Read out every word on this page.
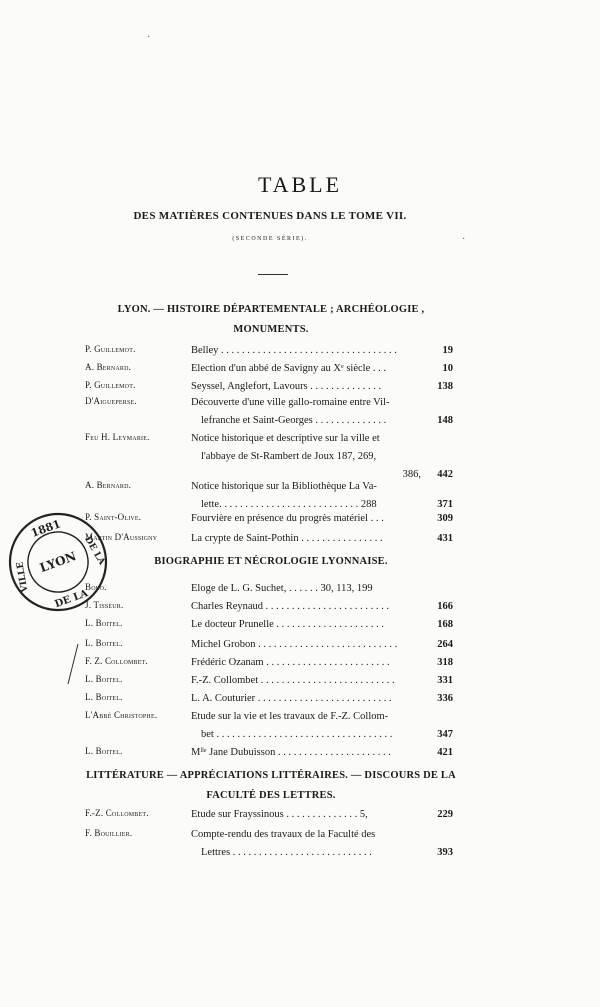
·
·
TABLE
DES MATIÈRES CONTENUES DANS LE TOME VII.
(SECONDE SÉRIE).
LYON. — HISTOIRE DÉPARTEMENTALE ; ARCHÉOLOGIE ,
MONUMENTS.
P. Guillemot.	Belley . . . . . . . . . . . . . . . . . . . . . . . . . . . . . . . . . .	19
A. Bernard.	Election d'un abbé de Savigny au Xᵉ siècle . . .	10
P. Guillemot.	Seyssel, Anglefort, Lavours . . . . . . . . . . . . . .	138
D'Aigueperse.	Découverte d'une ville gallo-romaine entre Vil-
lefranche et Saint-Georges . . . . . . . . . . . . . .	148
Feu H. Leymarie.	Notice historique et descriptive sur la ville et
l'abbaye de St-Rambert de Joux 187, 269,
386,	442
A. Bernard.	Notice historique sur la Bibliothèque La Va-
lette. . . . . . . . . . . . . . . . . . . . . . . . . . . 288	371
P. Saint-Olive.	Fourvière en présence du progrès matériel . . .	309
Martin D'Aussigny	La crypte de Saint-Pothin . . . . . . . . . . . . . . . .	431
BIOGRAPHIE ET NÉCROLOGIE LYONNAISE.
Bolo.	Eloge de L. G. Suchet, . . . . . . 30, 113, 199
J. Tisseur.	Charles Reynaud . . . . . . . . . . . . . . . . . . . . . . . .	166
L. Boitel.	Le docteur Prunelle . . . . . . . . . . . . . . . . . . . . .	168
L. Boitel.	Michel Grobon . . . . . . . . . . . . . . . . . . . . . . . . . . .	264
F. Z. Collombet.	Frédéric Ozanam . . . . . . . . . . . . . . . . . . . . . . . .	318
L. Boitel.	F.-Z. Collombet . . . . . . . . . . . . . . . . . . . . . . . . . .	331
L. Boitel.	L. A. Couturier . . . . . . . . . . . . . . . . . . . . . . . . . .	336
L'Abbé Christophe.	Etude sur la vie et les travaux de F.-Z. Collom-
bet . . . . . . . . . . . . . . . . . . . . . . . . . . . . . . . . . .	347
L. Boitel.	Mˡˡᵉ Jane Dubuisson . . . . . . . . . . . . . . . . . . . . . .	421
LITTÉRATURE — APPRÉCIATIONS LITTÉRAIRES. — DISCOURS DE LA
FACULTÉ DES LETTRES.
F.-Z. Collombet.	Etude sur Frayssinous . . . . . . . . . . . . . . 5,	229
F. Bouillier.	Compte-rendu des travaux de la Faculté des
Lettres . . . . . . . . . . . . . . . . . . . . . . . . . . .	393
1881
LYON
DE LA
VILLE
DE LA
